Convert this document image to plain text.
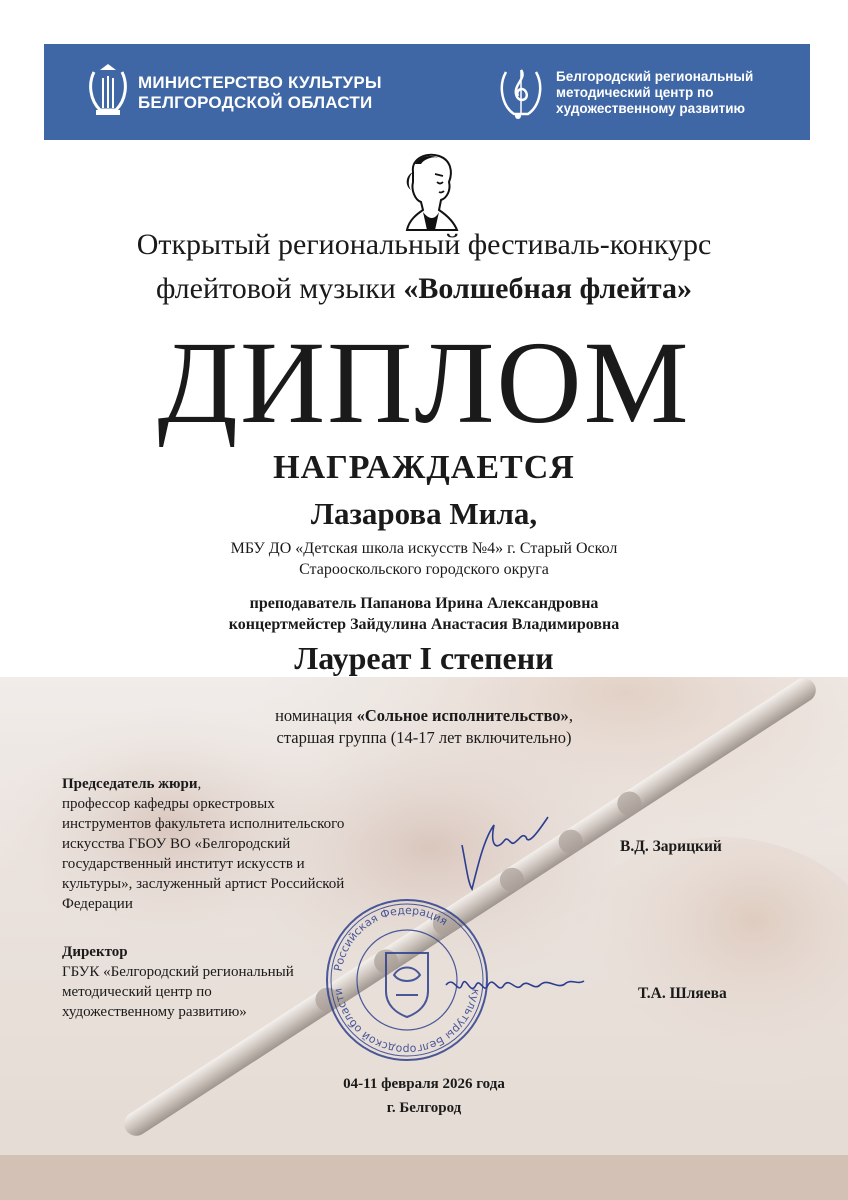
МИНИСТЕРСТВО КУЛЬТУРЫ
БЕЛГОРОДСКОЙ ОБЛАСТИ
Белгородский региональный
методический центр по
художественному развитию
Открытый региональный фестиваль-конкурс
флейтовой музыки «Волшебная флейта»
ДИПЛОМ
НАГРАЖДАЕТСЯ
Лазарова Мила,
МБУ ДО «Детская школа искусств №4» г. Старый Оскол
Старооскольского городского округа
преподаватель Папанова Ирина Александровна
концертмейстер Зайдулина Анастасия Владимировна
Лауреат I степени
номинация «Сольное исполнительство»,
старшая группа (14-17 лет включительно)
Председатель жюри,
профессор кафедры оркестровых
инструментов факультета исполнительского
искусства ГБОУ ВО «Белгородский
государственный институт искусств и
культуры», заслуженный артист Российской
Федерации
В.Д. Зарицкий
Директор
ГБУК «Белгородский региональный
методический центр по
художественному развитию»
Т.А. Шляева
Российская Федерация
культуры Белгородской области
04-11 февраля 2026 года
г. Белгород
